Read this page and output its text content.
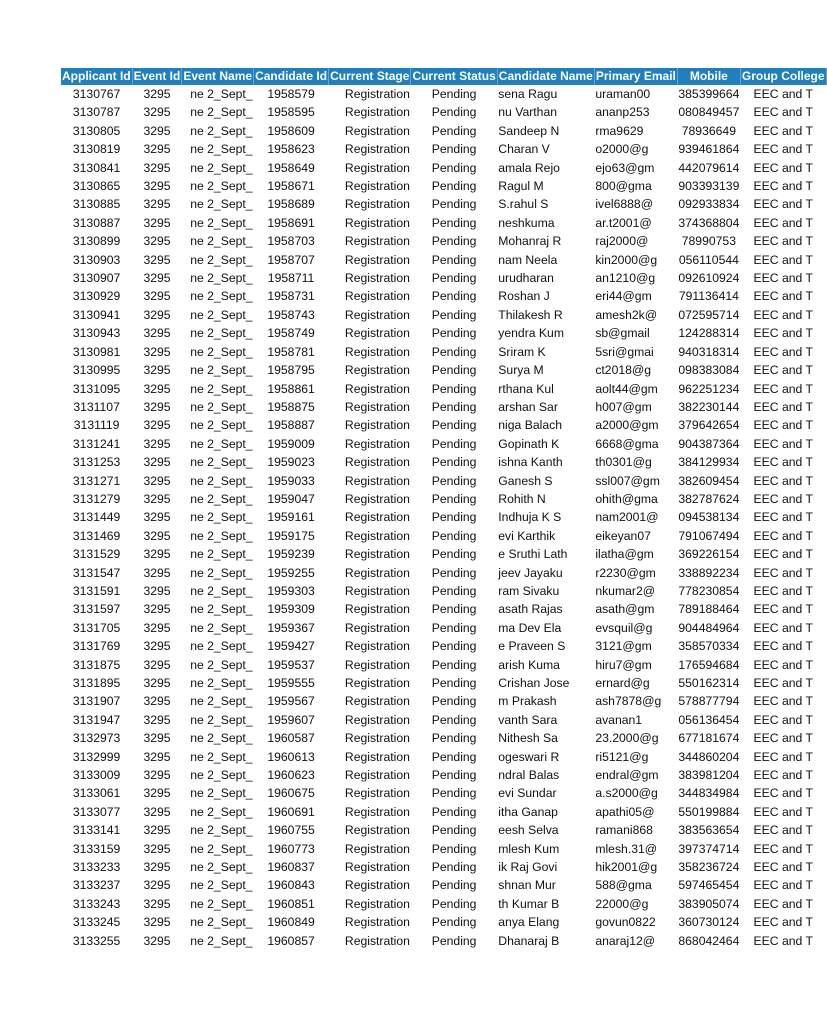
Applicant Id	Event Id	Event Name	Candidate Id	Current Stage	Current Status	Candidate Name	Primary Email	Mobile	Group College
3130767	3295	ne 2_Sept_	1958579	Registration	Pending	sena Ragu	uraman00	385399664	EEC and T
3130787	3295	ne 2_Sept_	1958595	Registration	Pending	nu Varthan	ananp253	080849457	EEC and T
3130805	3295	ne 2_Sept_	1958609	Registration	Pending	Sandeep N	rma9629	78936649	EEC and T
3130819	3295	ne 2_Sept_	1958623	Registration	Pending	Charan V	o2000@g	939461864	EEC and T
3130841	3295	ne 2_Sept_	1958649	Registration	Pending	amala Rejo	ejo63@gm	442079614	EEC and T
3130865	3295	ne 2_Sept_	1958671	Registration	Pending	Ragul M	800@gma	903393139	EEC and T
3130885	3295	ne 2_Sept_	1958689	Registration	Pending	S.rahul S	ivel6888@	092933834	EEC and T
3130887	3295	ne 2_Sept_	1958691	Registration	Pending	neshkuma	ar.t2001@	374368804	EEC and T
3130899	3295	ne 2_Sept_	1958703	Registration	Pending	Mohanraj R	raj2000@	78990753	EEC and T
3130903	3295	ne 2_Sept_	1958707	Registration	Pending	nam Neela	kin2000@g	056110544	EEC and T
3130907	3295	ne 2_Sept_	1958711	Registration	Pending	urudharan	an1210@g	092610924	EEC and T
3130929	3295	ne 2_Sept_	1958731	Registration	Pending	Roshan J	eri44@gm	791136414	EEC and T
3130941	3295	ne 2_Sept_	1958743	Registration	Pending	Thilakesh R	amesh2k@	072595714	EEC and T
3130943	3295	ne 2_Sept_	1958749	Registration	Pending	yendra Kum	sb@gmail	124288314	EEC and T
3130981	3295	ne 2_Sept_	1958781	Registration	Pending	Sriram K	5sri@gmai	940318314	EEC and T
3130995	3295	ne 2_Sept_	1958795	Registration	Pending	Surya M	ct2018@g	098383084	EEC and T
3131095	3295	ne 2_Sept_	1958861	Registration	Pending	rthana Kul	aolt44@gm	962251234	EEC and T
3131107	3295	ne 2_Sept_	1958875	Registration	Pending	arshan Sar	h007@gm	382230144	EEC and T
3131119	3295	ne 2_Sept_	1958887	Registration	Pending	niga Balach	a2000@gm	379642654	EEC and T
3131241	3295	ne 2_Sept_	1959009	Registration	Pending	Gopinath K	6668@gma	904387364	EEC and T
3131253	3295	ne 2_Sept_	1959023	Registration	Pending	ishna Kanth	th0301@g	384129934	EEC and T
3131271	3295	ne 2_Sept_	1959033	Registration	Pending	Ganesh S	ssl007@gm	382609454	EEC and T
3131279	3295	ne 2_Sept_	1959047	Registration	Pending	Rohith N	ohith@gma	382787624	EEC and T
3131449	3295	ne 2_Sept_	1959161	Registration	Pending	Indhuja K S	nam2001@	094538134	EEC and T
3131469	3295	ne 2_Sept_	1959175	Registration	Pending	evi Karthik	eikeyan07	791067494	EEC and T
3131529	3295	ne 2_Sept_	1959239	Registration	Pending	e Sruthi Lath	ilatha@gm	369226154	EEC and T
3131547	3295	ne 2_Sept_	1959255	Registration	Pending	jeev Jayaku	r2230@gm	338892234	EEC and T
3131591	3295	ne 2_Sept_	1959303	Registration	Pending	ram Sivaku	nkumar2@	778230854	EEC and T
3131597	3295	ne 2_Sept_	1959309	Registration	Pending	asath Rajas	asath@gm	789188464	EEC and T
3131705	3295	ne 2_Sept_	1959367	Registration	Pending	ma Dev Ela	evsquil@g	904484964	EEC and T
3131769	3295	ne 2_Sept_	1959427	Registration	Pending	e Praveen S	3121@gm	358570334	EEC and T
3131875	3295	ne 2_Sept_	1959537	Registration	Pending	arish Kuma	hiru7@gm	176594684	EEC and T
3131895	3295	ne 2_Sept_	1959555	Registration	Pending	Crishan Jose	ernard@g	550162314	EEC and T
3131907	3295	ne 2_Sept_	1959567	Registration	Pending	m Prakash	ash7878@g	578877794	EEC and T
3131947	3295	ne 2_Sept_	1959607	Registration	Pending	vanth Sara	avanan1	056136454	EEC and T
3132973	3295	ne 2_Sept_	1960587	Registration	Pending	Nithesh Sa	23.2000@g	677181674	EEC and T
3132999	3295	ne 2_Sept_	1960613	Registration	Pending	ogeswari R	ri5121@g	344860204	EEC and T
3133009	3295	ne 2_Sept_	1960623	Registration	Pending	ndral Balas	endral@gm	383981204	EEC and T
3133061	3295	ne 2_Sept_	1960675	Registration	Pending	evi Sundar	a.s2000@g	344834984	EEC and T
3133077	3295	ne 2_Sept_	1960691	Registration	Pending	itha Ganap	apathi05@	550199884	EEC and T
3133141	3295	ne 2_Sept_	1960755	Registration	Pending	eesh Selva	ramani868	383563654	EEC and T
3133159	3295	ne 2_Sept_	1960773	Registration	Pending	mlesh Kum	mlesh.31@	397374714	EEC and T
3133233	3295	ne 2_Sept_	1960837	Registration	Pending	ik Raj Govi	hik2001@g	358236724	EEC and T
3133237	3295	ne 2_Sept_	1960843	Registration	Pending	shnan Mur	588@gma	597465454	EEC and T
3133243	3295	ne 2_Sept_	1960851	Registration	Pending	th Kumar B	22000@g	383905074	EEC and T
3133245	3295	ne 2_Sept_	1960849	Registration	Pending	anya Elang	govun0822	360730124	EEC and T
3133255	3295	ne 2_Sept_	1960857	Registration	Pending	Dhanaraj B	anaraj12@	868042464	EEC and T
